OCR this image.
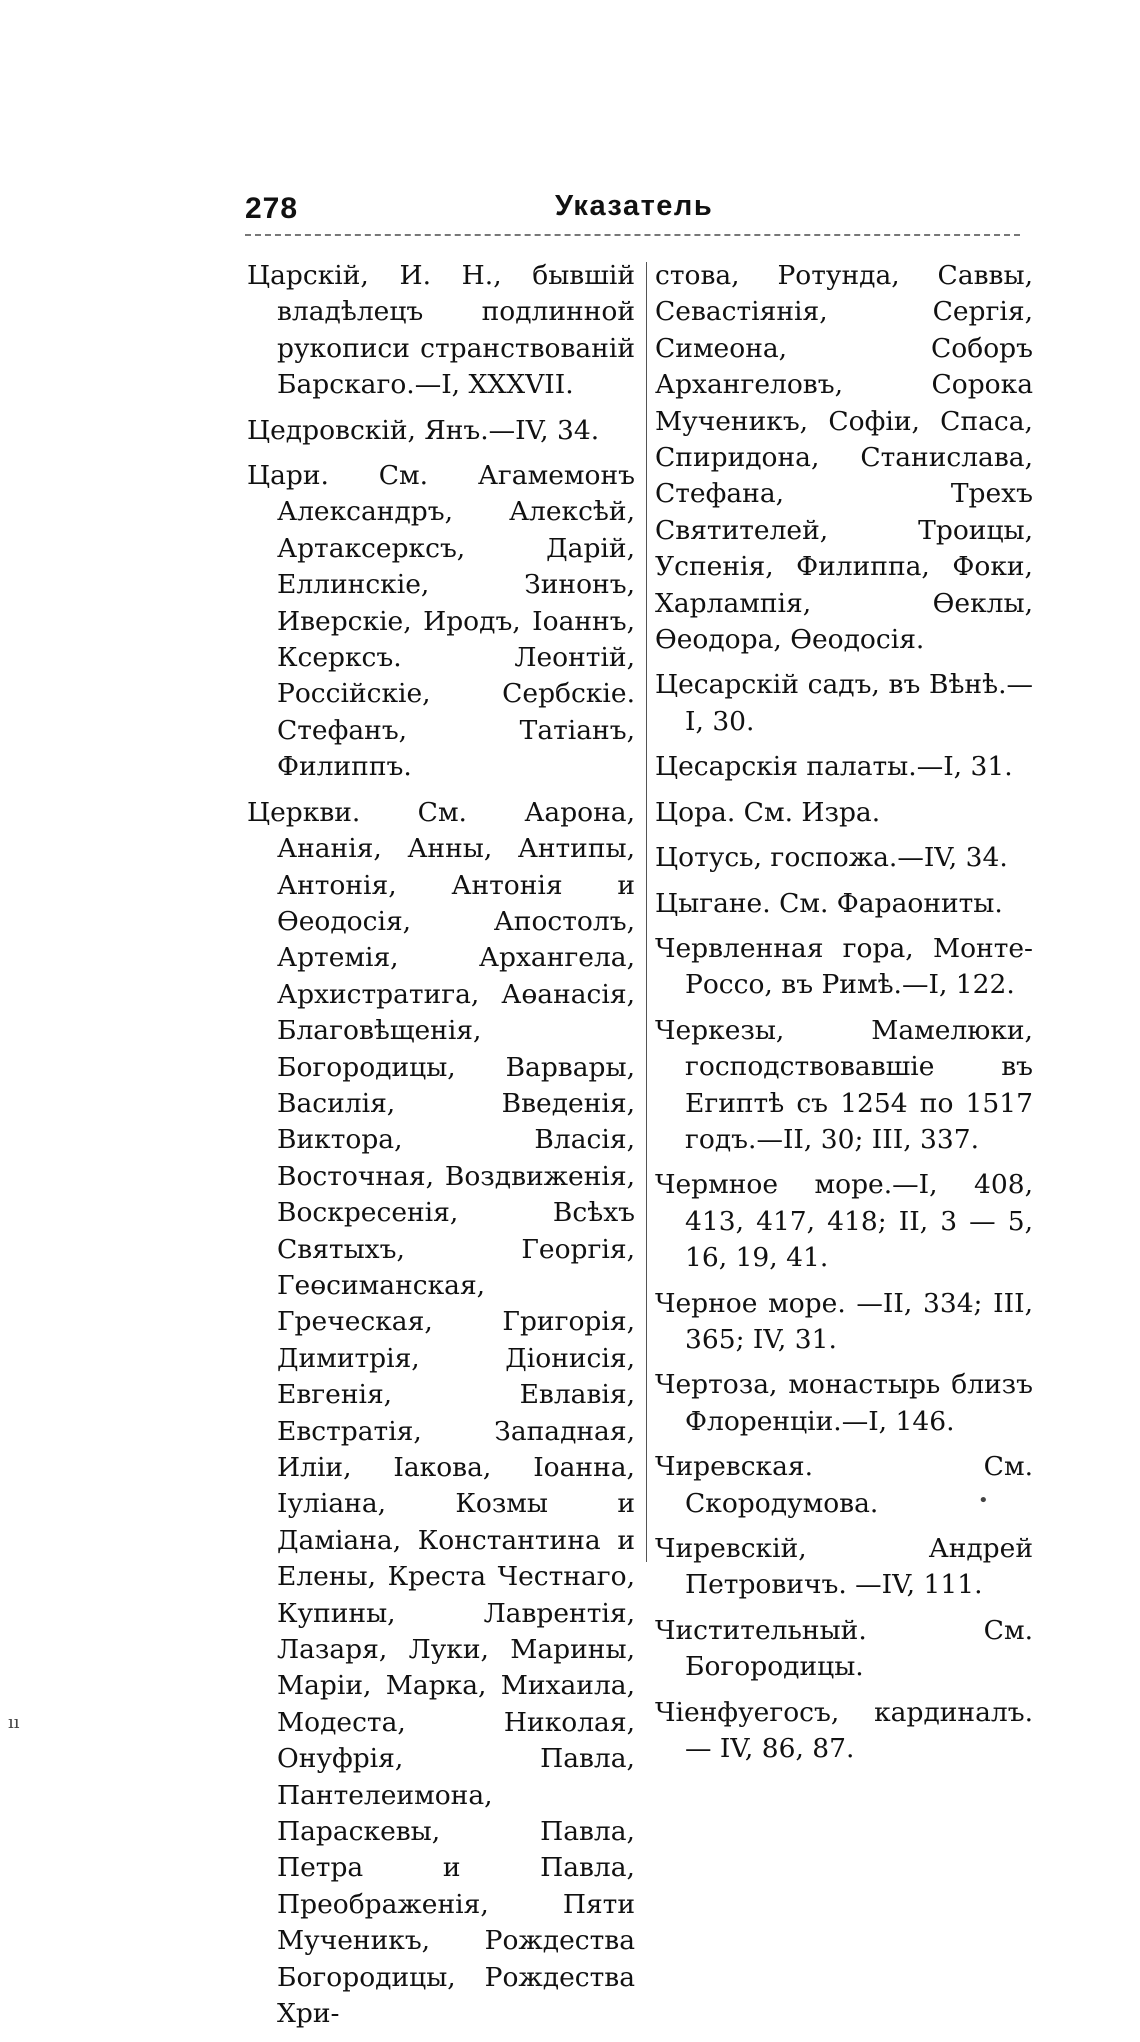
278	Указатель

Царскій, И. Н., бывшій владѣлецъ подлинной рукописи странствованій Барскаго.—I, XXXVII.

Цедровскій, Янъ.—IV, 34.

Цари. См. Агамемонъ Александръ, Алексѣй, Артаксерксъ, Дарій, Еллинскіе, Зинонъ, Иверскіе, Иродъ, Іоаннъ, Ксерксъ. Леонтій, Россійскіе, Сербскіе. Стефанъ, Татіанъ, Филиппъ.

Церкви. См. Аарона, Ананія, Анны, Антипы, Антонія, Антонія и Өеодосія, Апостолъ, Артемія, Архангела, Архистратига, Аөанасія, Благовѣщенія, Богородицы, Варвары, Василія, Введенія, Виктора, Власія, Восточная, Воздвиженія, Воскресенія, Всѣхъ Святыхъ, Георгія, Геөсиманская, Греческая, Григорія, Димитрія, Діонисія, Евгенія, Евлавія, Евстратія, Западная, Иліи, Іакова, Іоанна, Іуліана, Козмы и Даміана, Константина и Елены, Креста Честнаго, Купины, Лаврентія, Лазаря, Луки, Марины, Маріи, Марка, Михаила, Модеста, Николая, Онуфрія, Павла, Пантелеимона, Параскевы, Павла, Петра и Павла, Преображенія, Пяти Мученикъ, Рождества Богородицы, Рождества Хри-

стова, Ротунда, Саввы, Севастіянія, Сергія, Симеона, Соборъ Архангеловъ, Сорока Мученикъ, Софіи, Спаса, Спиридона, Станислава, Стефана, Трехъ Святителей, Троицы, Успенія, Филиппа, Фоки, Харлампія, Өеклы, Өеодора, Өеодосія.

Цесарскій садъ, въ Вѣнѣ.—I, 30.

Цесарскія палаты.—I, 31.

Цора. См. Изра.

Цотусь, госпожа.—IV, 34.

Цыгане. См. Фараониты.

Червленная гора, Монте-Россо, въ Римѣ.—I, 122.

Черкезы, Мамелюки, господствовавшіе въ Египтѣ съ 1254 по 1517 годъ.—II, 30; III, 337.

Чермное море.—I, 408, 413, 417, 418; II, 3 — 5, 16, 19, 41.

Черное море. —II, 334; III, 365; IV, 31.

Чертоза, монастырь близъ Флоренціи.—I, 146.

Чиревская. См. Скородумова.

Чиревскій, Андрей Петровичъ. —IV, 111.

Чистительный. См. Богородицы.

Чіенфуегосъ, кардиналъ. — IV, 86, 87.

ıı
•
